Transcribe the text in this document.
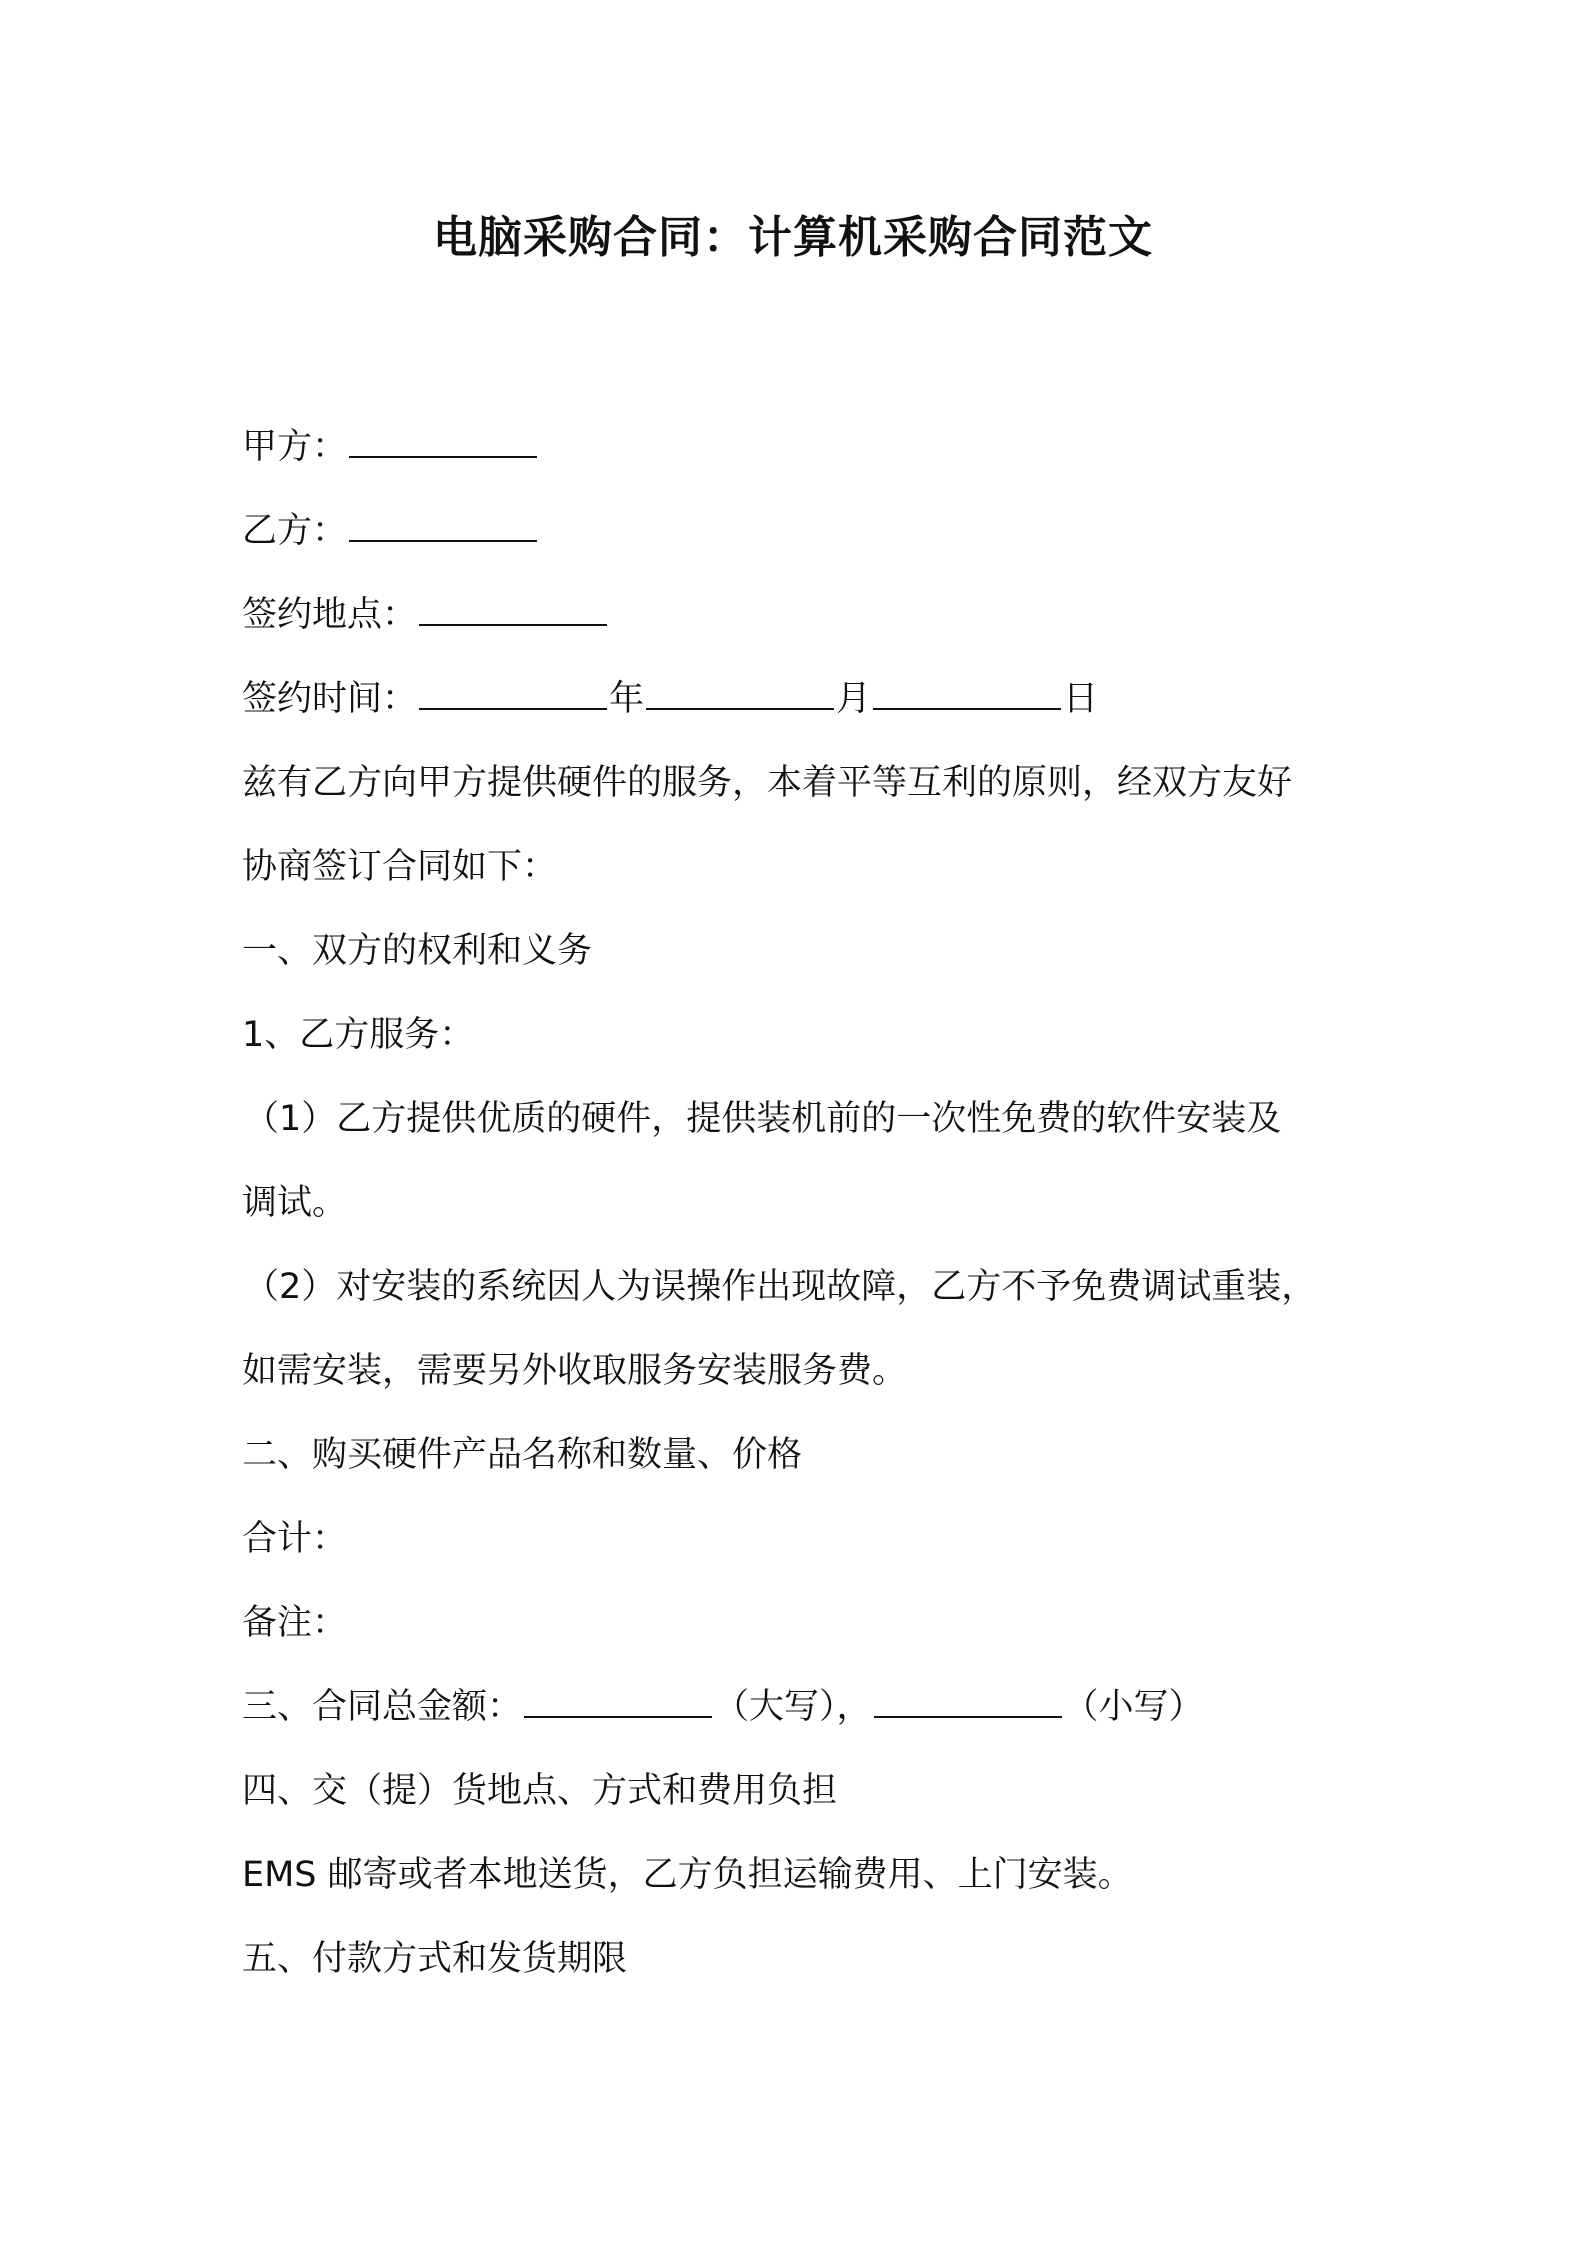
电脑采购合同：计算机采购合同范文
甲方：
乙方：
签约地点：
签约时间：	年	月	日
兹有乙方向甲方提供硬件的服务，本着平等互利的原则，经双方友好
协商签订合同如下：
一、双方的权利和义务
1、乙方服务：
（1）乙方提供优质的硬件，提供装机前的一次性免费的软件安装及
调试。
（2）对安装的系统因人为误操作出现故障，乙方不予免费调试重装，
如需安装，需要另外收取服务安装服务费。
二、购买硬件产品名称和数量、价格
合计：
备注：
三、合同总金额：	（大写），	（小写）
四、交（提）货地点、方式和费用负担
EMS 邮寄或者本地送货，乙方负担运输费用、上门安装。
五、付款方式和发货期限
